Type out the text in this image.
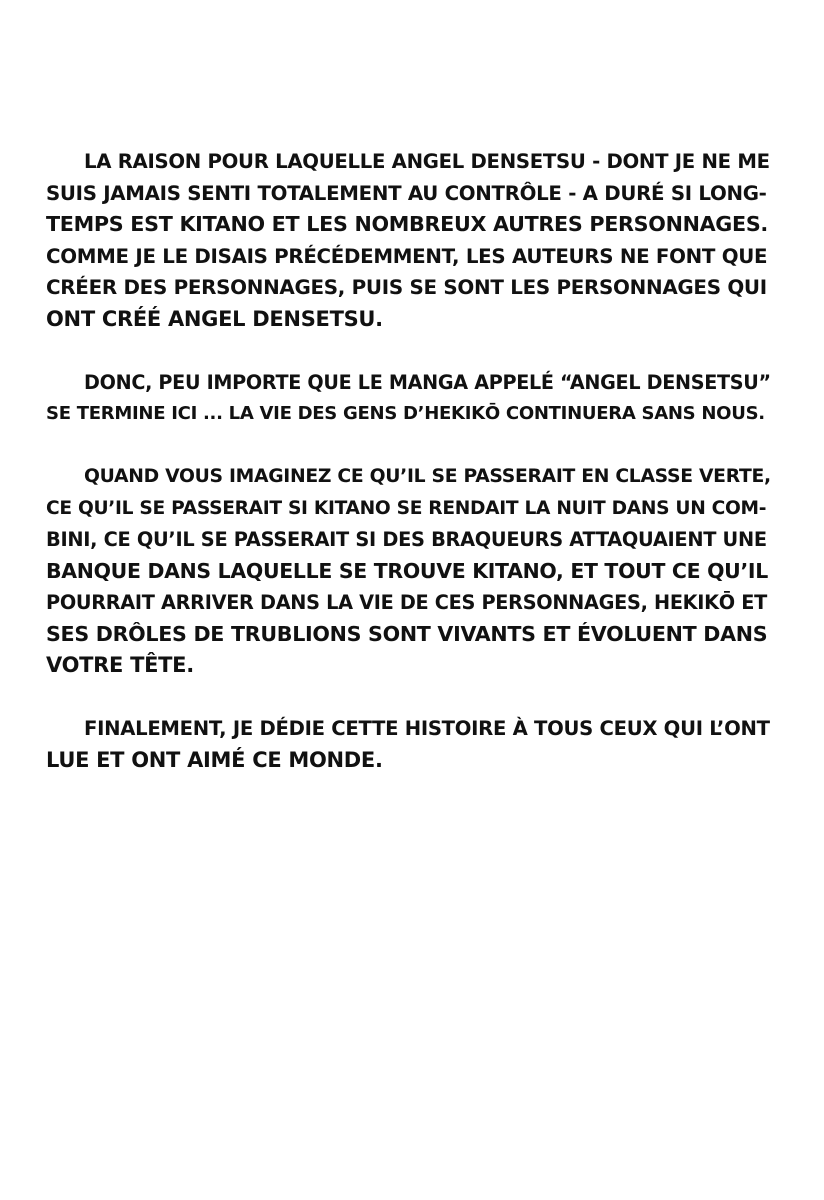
LA RAISON POUR LAQUELLE ANGEL DENSETSU - DONT JE NE ME
SUIS JAMAIS SENTI TOTALEMENT AU CONTRÔLE - A DURÉ SI LONG-
TEMPS EST KITANO ET LES NOMBREUX AUTRES PERSONNAGES.
COMME JE LE DISAIS PRÉCÉDEMMENT, LES AUTEURS NE FONT QUE
CRÉER DES PERSONNAGES, PUIS SE SONT LES PERSONNAGES QUI
ONT CRÉÉ ANGEL DENSETSU.

DONC, PEU IMPORTE QUE LE MANGA APPELÉ “ANGEL DENSETSU”
SE TERMINE ICI ... LA VIE DES GENS D’HEKIKŌ CONTINUERA SANS NOUS.

QUAND VOUS IMAGINEZ CE QU’IL SE PASSERAIT EN CLASSE VERTE,
CE QU’IL SE PASSERAIT SI KITANO SE RENDAIT LA NUIT DANS UN COM-
BINI, CE QU’IL SE PASSERAIT SI DES BRAQUEURS ATTAQUAIENT UNE
BANQUE DANS LAQUELLE SE TROUVE KITANO, ET TOUT CE QU’IL
POURRAIT ARRIVER DANS LA VIE DE CES PERSONNAGES, HEKIKŌ ET
SES DRÔLES DE TRUBLIONS SONT VIVANTS ET ÉVOLUENT DANS
VOTRE TÊTE.

FINALEMENT, JE DÉDIE CETTE HISTOIRE À TOUS CEUX QUI L’ONT
LUE ET ONT AIMÉ CE MONDE.
